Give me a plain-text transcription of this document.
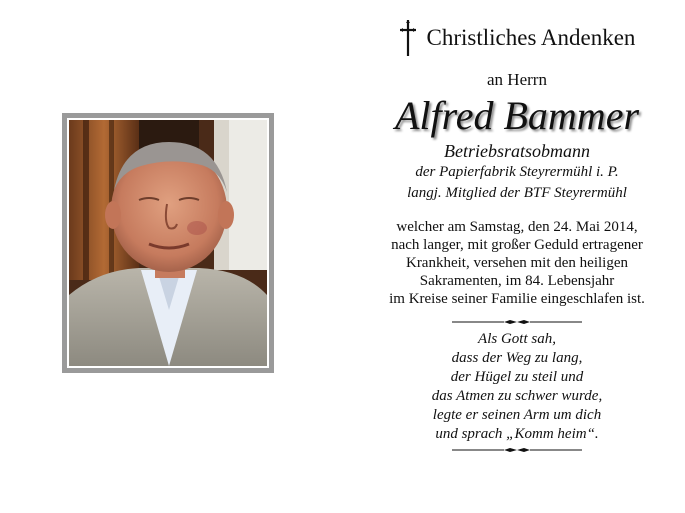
Christliches Andenken
an Herrn
Alfred Bammer
Betriebsratsobmann
der Papierfabrik Steyrermühl i. P.
langj. Mitglied der BTF Steyrermühl
welcher am Samstag, den 24. Mai 2014,
nach langer, mit großer Geduld ertragener
Krankheit, versehen mit den heiligen
Sakramenten, im 84. Lebensjahr
im Kreise seiner Familie eingeschlafen ist.
Als Gott sah,
dass der Weg zu lang,
der Hügel zu steil und
das Atmen zu schwer wurde,
legte er seinen Arm um dich
und sprach „Komm heim“.
